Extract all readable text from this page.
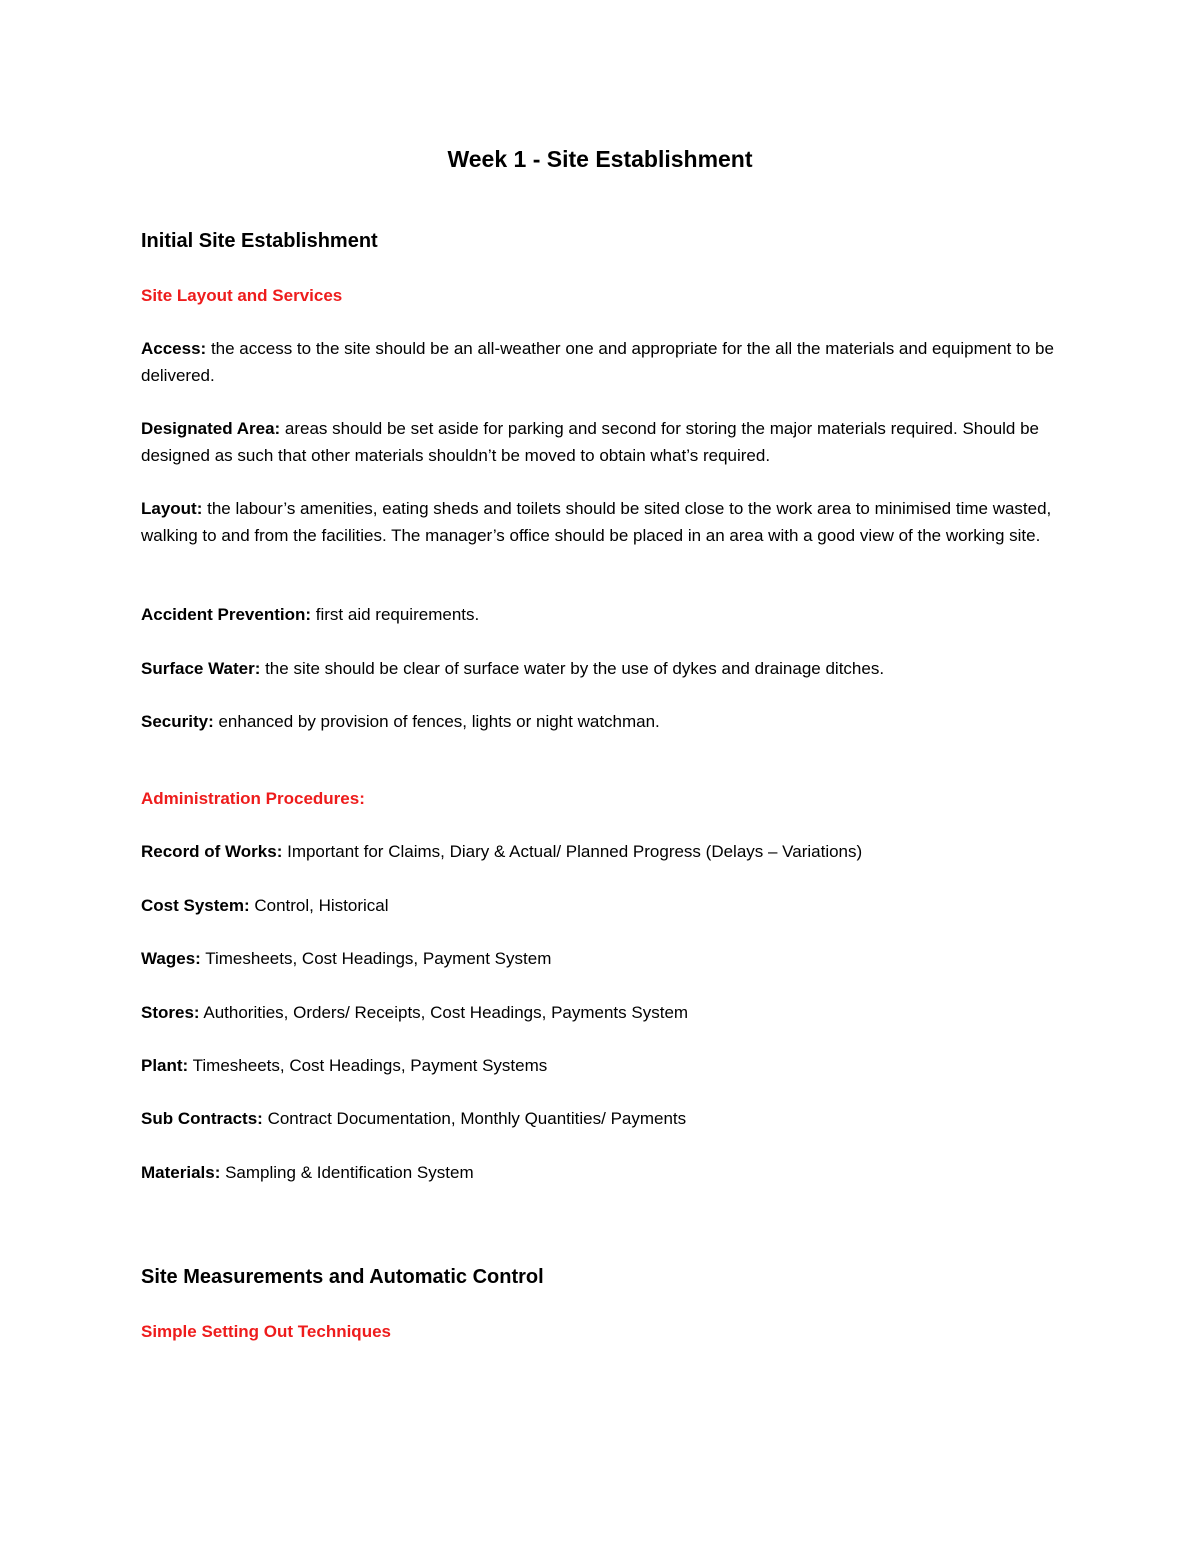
Week 1 - Site Establishment
Initial Site Establishment
Site Layout and Services

Access: the access to the site should be an all-weather one and appropriate for the all the materials and equipment to be delivered.

Designated Area: areas should be set aside for parking and second for storing the major materials required. Should be designed as such that other materials shouldn’t be moved to obtain what’s required.

Layout: the labour’s amenities, eating sheds and toilets should be sited close to the work area to minimised time wasted, walking to and from the facilities. The manager’s office should be placed in an area with a good view of the working site.

Accident Prevention: first aid requirements.

Surface Water: the site should be clear of surface water by the use of dykes and drainage ditches.

Security: enhanced by provision of fences, lights or night watchman.

Administration Procedures:

Record of Works: Important for Claims, Diary & Actual/ Planned Progress (Delays – Variations)

Cost System: Control, Historical

Wages: Timesheets, Cost Headings, Payment System

Stores: Authorities, Orders/ Receipts, Cost Headings, Payments System

Plant: Timesheets, Cost Headings, Payment Systems

Sub Contracts: Contract Documentation, Monthly Quantities/ Payments

Materials: Sampling & Identification System

Site Measurements and Automatic Control
Simple Setting Out Techniques
